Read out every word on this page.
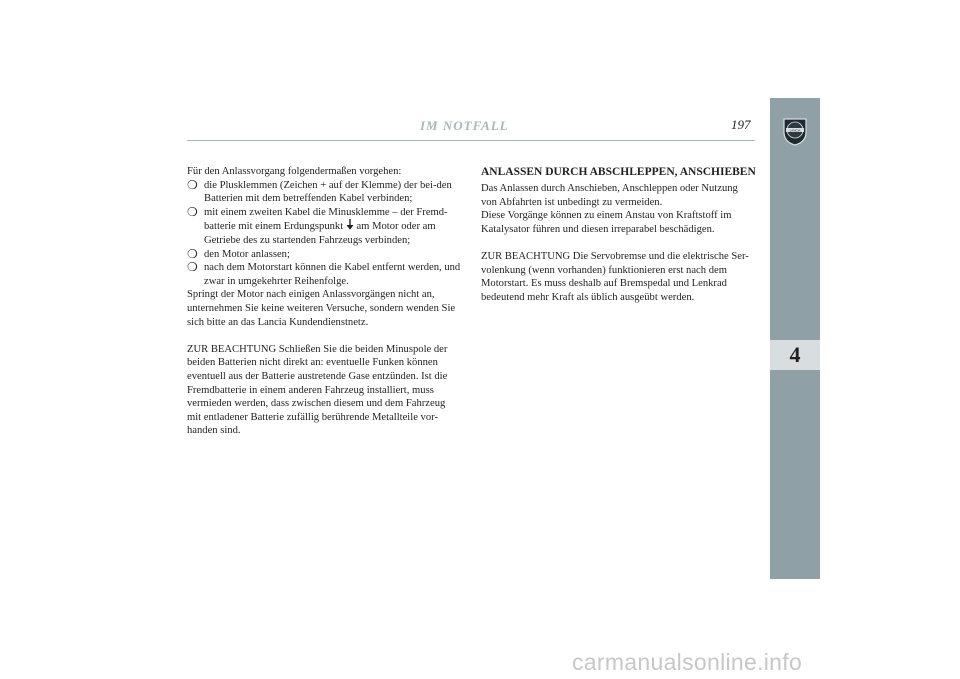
IM NOTFALL	197

Für den Anlassvorgang folgendermaßen vorgehen:

❍ die Plusklemmen (Zeichen + auf der Klemme) der bei-den Batterien mit dem betreffenden Kabel verbinden;
❍ mit einem zweiten Kabel die Minusklemme – der Fremd-batterie mit einem Erdungspunkt  am Motor oder am Getriebe des zu startenden Fahrzeugs verbinden;
❍ den Motor anlassen;
❍ nach dem Motorstart können die Kabel entfernt werden, und zwar in umgekehrter Reihenfolge.

Springt der Motor nach einigen Anlassvorgängen nicht an, unternehmen Sie keine weiteren Versuche, sondern wenden Sie sich bitte an das Lancia Kundendienstnetz.

ZUR BEACHTUNG Schließen Sie die beiden Minuspole der beiden Batterien nicht direkt an: eventuelle Funken können eventuell aus der Batterie austretende Gase entzünden. Ist die Fremdbatterie in einem anderen Fahrzeug installiert, muss vermieden werden, dass zwischen diesem und dem Fahrzeug mit entladener Batterie zufällig berührende Metallteile vor-handen sind.

ANLASSEN DURCH ABSCHLEPPEN, ANSCHIEBEN

Das Anlassen durch Anschieben, Anschleppen oder Nutzung von Abfahrten ist unbedingt zu vermeiden.

Diese Vorgänge können zu einem Anstau von Kraftstoff im Katalysator führen und diesen irreparabel beschädigen.

ZUR BEACHTUNG Die Servobremse und die elektrische Ser-volenkung (wenn vorhanden) funktionieren erst nach dem Motorstart. Es muss deshalb auf Bremspedal und Lenkrad bedeutend mehr Kraft als üblich ausgeübt werden.

LANCIA
4
carmanualsonline.info
